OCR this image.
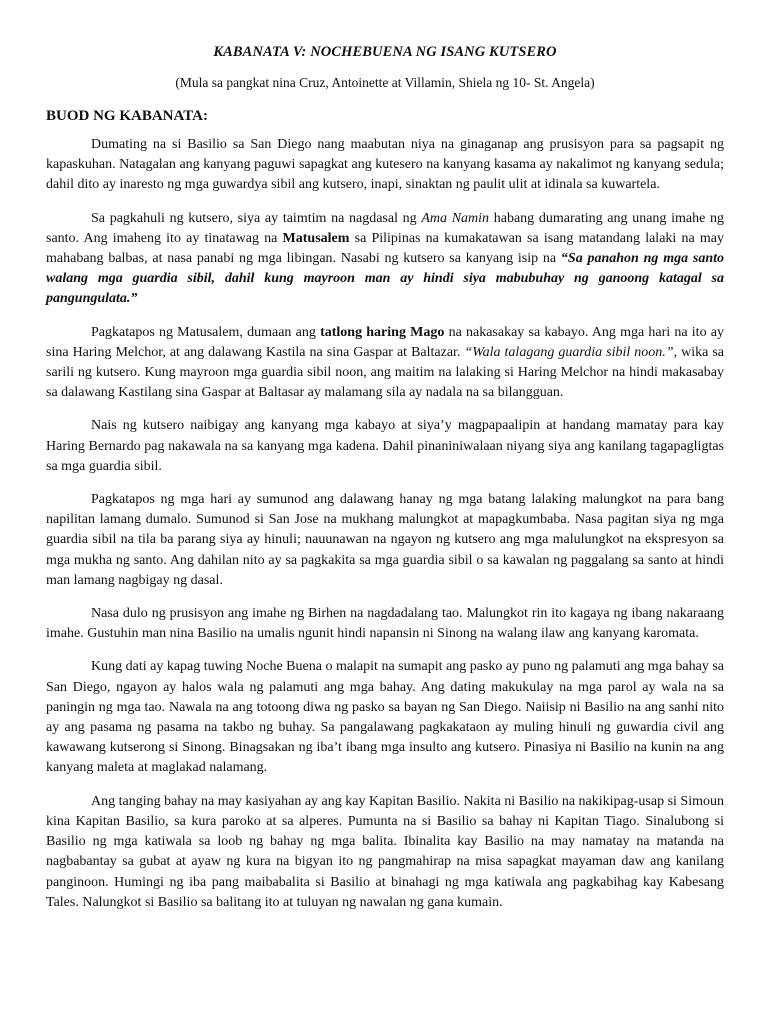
KABANATA V: NOCHEBUENA NG ISANG KUTSERO

(Mula sa pangkat nina Cruz, Antoinette at Villamin, Shiela ng 10- St. Angela)

BUOD NG KABANATA:

Dumating na si Basilio sa San Diego nang maabutan niya na ginaganap ang prusisyon para sa pagsapit ng kapaskuhan. Natagalan ang kanyang paguwi sapagkat ang kutesero na kanyang kasama ay nakalimot ng kanyang sedula; dahil dito ay inaresto ng mga guwardya sibil ang kutsero, inapi, sinaktan ng paulit ulit at idinala sa kuwartela.

Sa pagkahuli ng kutsero, siya ay taimtim na nagdasal ng Ama Namin habang dumarating ang unang imahe ng santo. Ang imaheng ito ay tinatawag na Matusalem sa Pilipinas na kumakatawan sa isang matandang lalaki na may mahabang balbas, at nasa panabi ng mga libingan. Nasabi ng kutsero sa kanyang isip na “Sa panahon ng mga santo walang mga guardia sibil, dahil kung mayroon man ay hindi siya mabubuhay ng ganoong katagal sa pangungulata.”

Pagkatapos ng Matusalem, dumaan ang tatlong haring Mago na nakasakay sa kabayo. Ang mga hari na ito ay sina Haring Melchor, at ang dalawang Kastila na sina Gaspar at Baltazar. “Wala talagang guardia sibil noon.”, wika sa sarili ng kutsero. Kung mayroon mga guardia sibil noon, ang maitim na lalaking si Haring Melchor na hindi makasabay sa dalawang Kastilang sina Gaspar at Baltasar ay malamang sila ay nadala na sa bilangguan.

Nais ng kutsero naibigay ang kanyang mga kabayo at siya’y magpapaalipin at handang mamatay para kay Haring Bernardo pag nakawala na sa kanyang mga kadena. Dahil pinaniniwalaan niyang siya ang kanilang tagapagligtas sa mga guardia sibil.

Pagkatapos ng mga hari ay sumunod ang dalawang hanay ng mga batang lalaking malungkot na para bang napilitan lamang dumalo. Sumunod si San Jose na mukhang malungkot at mapagkumbaba. Nasa pagitan siya ng mga guardia sibil na tila ba parang siya ay hinuli; nauunawan na ngayon ng kutsero ang mga malulungkot na ekspresyon sa mga mukha ng santo. Ang dahilan nito ay sa pagkakita sa mga guardia sibil o sa kawalan ng paggalang sa santo at hindi man lamang nagbigay ng dasal.

Nasa dulo ng prusisyon ang imahe ng Birhen na nagdadalang tao. Malungkot rin ito kagaya ng ibang nakaraang imahe. Gustuhin man nina Basilio na umalis ngunit hindi napansin ni Sinong na walang ilaw ang kanyang karomata.

Kung dati ay kapag tuwing Noche Buena o malapit na sumapit ang pasko ay puno ng palamuti ang mga bahay sa San Diego, ngayon ay halos wala ng palamuti ang mga bahay. Ang dating makukulay na mga parol ay wala na sa paningin ng mga tao. Nawala na ang totoong diwa ng pasko sa bayan ng San Diego. Naiisip ni Basilio na ang sanhi nito ay ang pasama ng pasama na takbo ng buhay. Sa pangalawang pagkakataon ay muling hinuli ng guwardia civil ang kawawang kutserong si Sinong. Binagsakan ng iba’t ibang mga insulto ang kutsero. Pinasiya ni Basilio na kunin na ang kanyang maleta at maglakad nalamang.

Ang tanging bahay na may kasiyahan ay ang kay Kapitan Basilio. Nakita ni Basilio na nakikipag-usap si Simoun kina Kapitan Basilio, sa kura paroko at sa alperes. Pumunta na si Basilio sa bahay ni Kapitan Tiago. Sinalubong si Basilio ng mga katiwala sa loob ng bahay ng mga balita. Ibinalita kay Basilio na may namatay na matanda na nagbabantay sa gubat at ayaw ng kura na bigyan ito ng pangmahirap na misa sapagkat mayaman daw ang kanilang panginoon. Humingi ng iba pang maibabalita si Basilio at binahagi ng mga katiwala ang pagkabihag kay Kabesang Tales. Nalungkot si Basilio sa balitang ito at tuluyan ng nawalan ng gana kumain.
